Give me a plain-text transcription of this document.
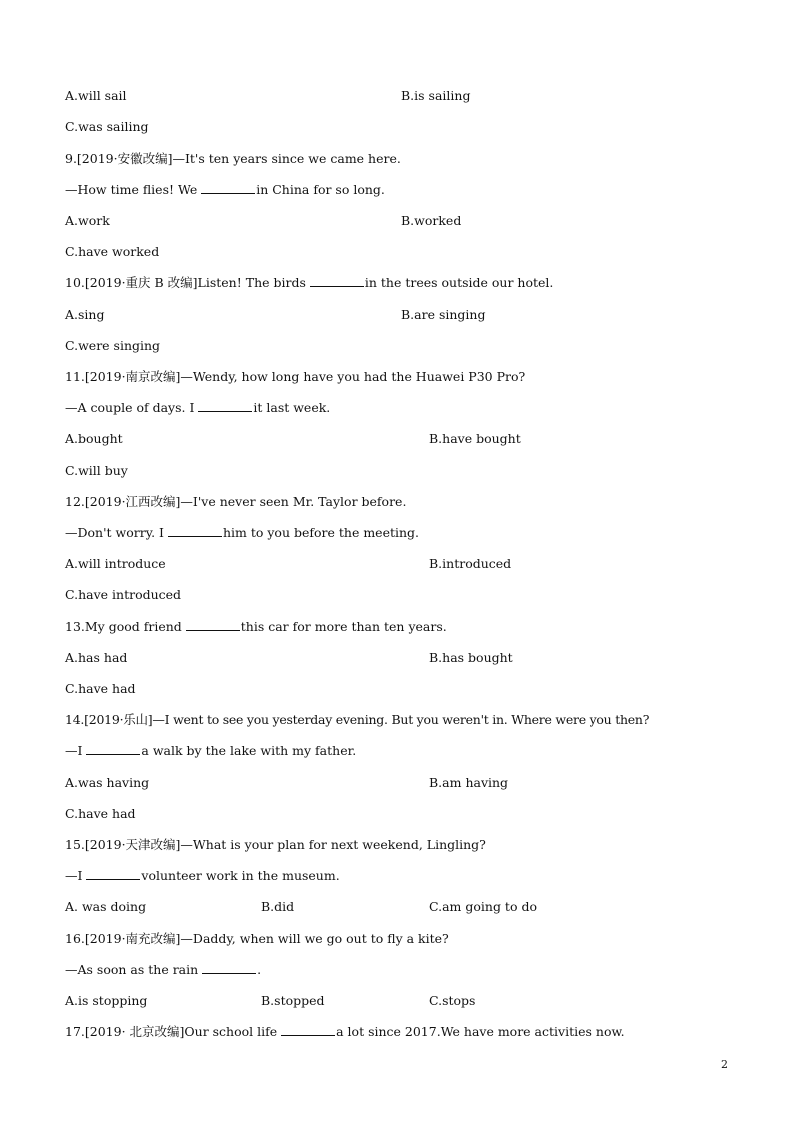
A.will sail	B.is sailing
C.was sailing
9.[2019·安徽改编]—It's ten years since we came here.
—How time flies! We	in China for so long.
A.work	B.worked
C.have worked
10.[2019·重庆 B 改编]Listen! The birds	in the trees outside our hotel.
A.sing	B.are singing
C.were singing
11.[2019·南京改编]—Wendy, how long have you had the Huawei P30 Pro?
—A couple of days. I	it last week.
A.bought	B.have bought
C.will buy
12.[2019·江西改编]—I've never seen Mr. Taylor before.
—Don't worry. I	him to you before the meeting.
A.will introduce	B.introduced
C.have introduced
13.My good friend	this car for more than ten years.
A.has had	B.has bought
C.have had
14.[2019·乐山]—I went to see you yesterday evening. But you weren't in. Where were you then?
—I	a walk by the lake with my father.
A.was having	B.am having
C.have had
15.[2019·天津改编]—What is your plan for next weekend, Lingling?
—I	volunteer work in the museum.
A. was doing	B.did	C.am going to do
16.[2019·南充改编]—Daddy, when will we go out to fly a kite?
—As soon as the rain	.
A.is stopping	B.stopped	C.stops
17.[2019· 北京改编]Our school life	a lot since 2017.We have more activities now.
2
